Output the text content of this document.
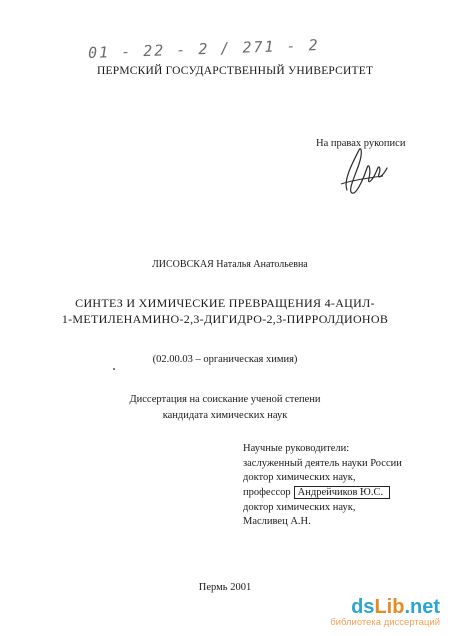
01 - 22 - 2 / 271 - 2
ПЕРМСКИЙ ГОСУДАРСТВЕННЫЙ УНИВЕРСИТЕТ
На правах рукописи
ЛИСОВСКАЯ Наталья Анатольевна
СИНТЕЗ И ХИМИЧЕСКИЕ ПРЕВРАЩЕНИЯ 4-АЦИЛ-
1-МЕТИЛЕНАМИНО-2,3-ДИГИДРО-2,3-ПИРРОЛДИОНОВ
(02.00.03 – органическая химия)
Диссертация на соискание ученой степени
кандидата химических наук
Научные руководители:
заслуженный деятель науки России
доктор химических наук,
профессор Андрейчиков Ю.С.
доктор химических наук,
Масливец А.Н.
Пермь 2001
ds Lib .net
библиотека диссертаций
